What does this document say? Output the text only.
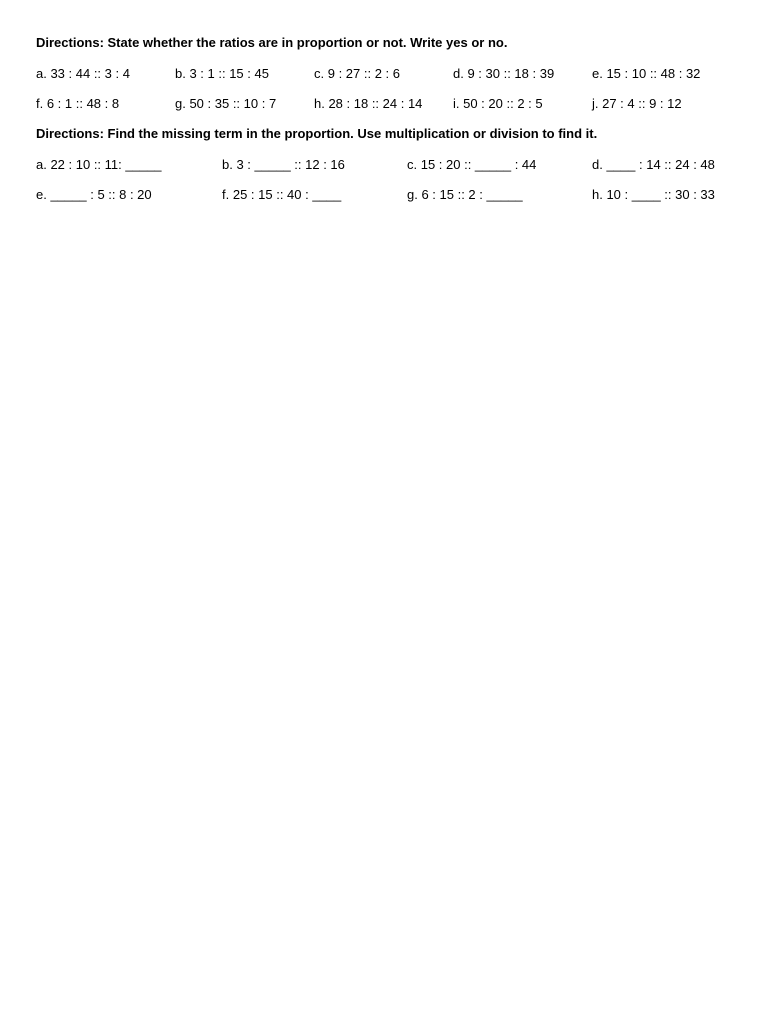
Directions: State whether the ratios are in proportion or not. Write yes or no.
a. 33 : 44 :: 3 : 4	b. 3 : 1 :: 15 : 45	c. 9 : 27 :: 2 : 6	d. 9 : 30 :: 18 : 39	e. 15 : 10 :: 48 : 32
f. 6 : 1 :: 48 : 8	g. 50 : 35 :: 10 : 7	h. 28 : 18 :: 24 : 14 i. 50 : 20 :: 2 : 5	j. 27 : 4 :: 9 : 12
Directions: Find the missing term in the proportion. Use multiplication or division to find it.
a. 22 : 10 :: 11: _____	b. 3 : _____ :: 12 : 16	c. 15 : 20 :: _____ : 44	d. ____ : 14 :: 24 : 48
e. _____ : 5 :: 8 : 20	f. 25 : 15 :: 40 : ____	g. 6 : 15 :: 2 : _____	h. 10 : ____ :: 30 : 33
